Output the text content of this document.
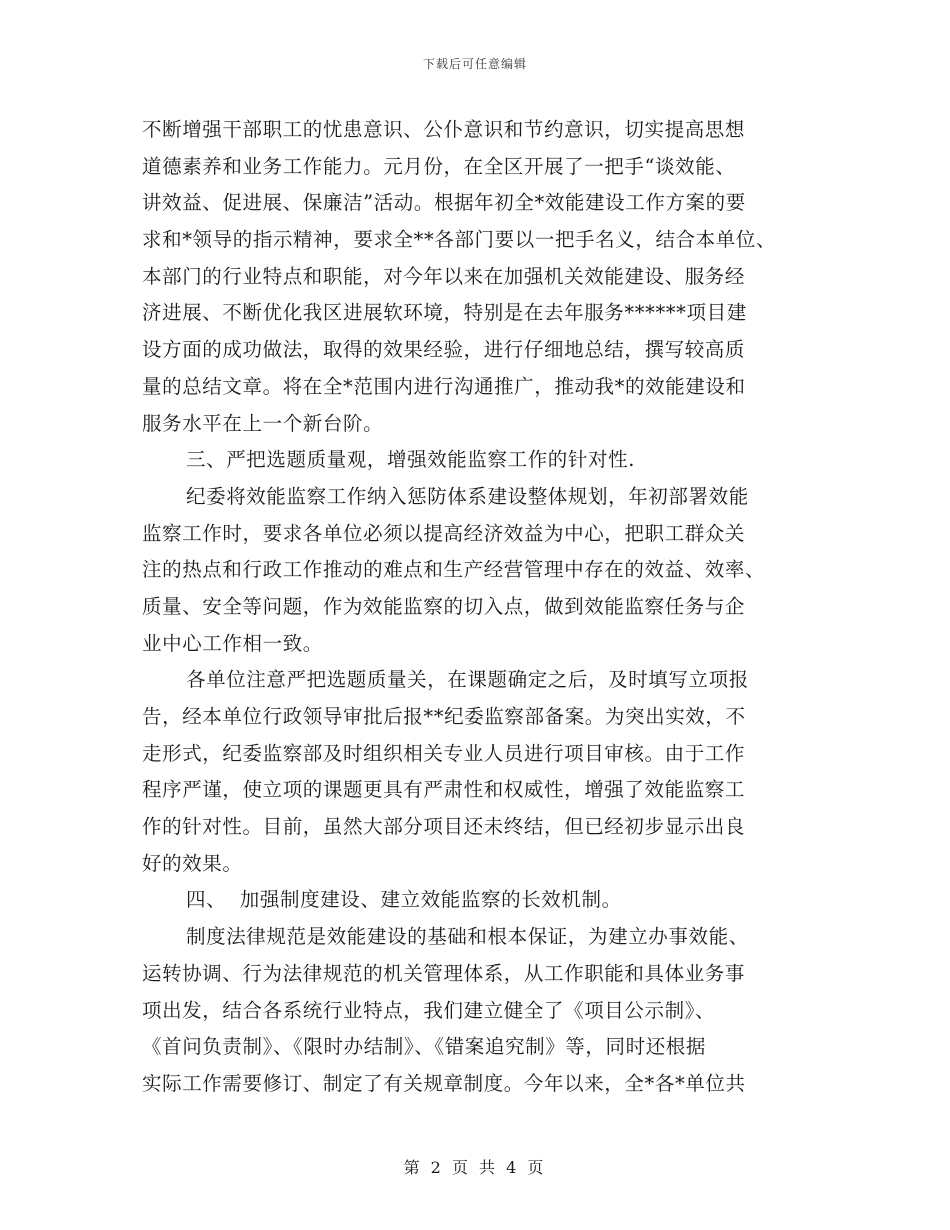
下载后可任意编辑
不断增强干部职工的忧患意识、公仆意识和节约意识，切实提高思想
道德素养和业务工作能力。元月份，在全区开展了一把手“谈效能、
讲效益、促进展、保廉洁”活动。根据年初全*效能建设工作方案的要
求和*领导的指示精神，要求全**各部门要以一把手名义，结合本单位、
本部门的行业特点和职能，对今年以来在加强机关效能建设、服务经
济进展、不断优化我区进展软环境，特别是在去年服务******项目建
设方面的成功做法，取得的效果经验，进行仔细地总结，撰写较高质
量的总结文章。将在全*范围内进行沟通推广，推动我*的效能建设和
服务水平在上一个新台阶。
三、严把选题质量观，增强效能监察工作的针对性.
纪委将效能监察工作纳入惩防体系建设整体规划，年初部署效能
监察工作时，要求各单位必须以提高经济效益为中心，把职工群众关
注的热点和行政工作推动的难点和生产经营管理中存在的效益、效率、
质量、安全等问题，作为效能监察的切入点，做到效能监察任务与企
业中心工作相一致。
各单位注意严把选题质量关，在课题确定之后，及时填写立项报
告，经本单位行政领导审批后报**纪委监察部备案。为突出实效，不
走形式，纪委监察部及时组织相关专业人员进行项目审核。由于工作
程序严谨，使立项的课题更具有严肃性和权威性，增强了效能监察工
作的针对性。目前，虽然大部分项目还未终结，但已经初步显示出良
好的效果。
四、  加强制度建设、建立效能监察的长效机制。
制度法律规范是效能建设的基础和根本保证，为建立办事效能、
运转协调、行为法律规范的机关管理体系，从工作职能和具体业务事
项出发，结合各系统行业特点，我们建立健全了《项目公示制》、
《首问负责制》、《限时办结制》、《错案追究制》等，同时还根据
实际工作需要修订、制定了有关规章制度。今年以来，全*各*单位共
第 2 页 共 4 页
